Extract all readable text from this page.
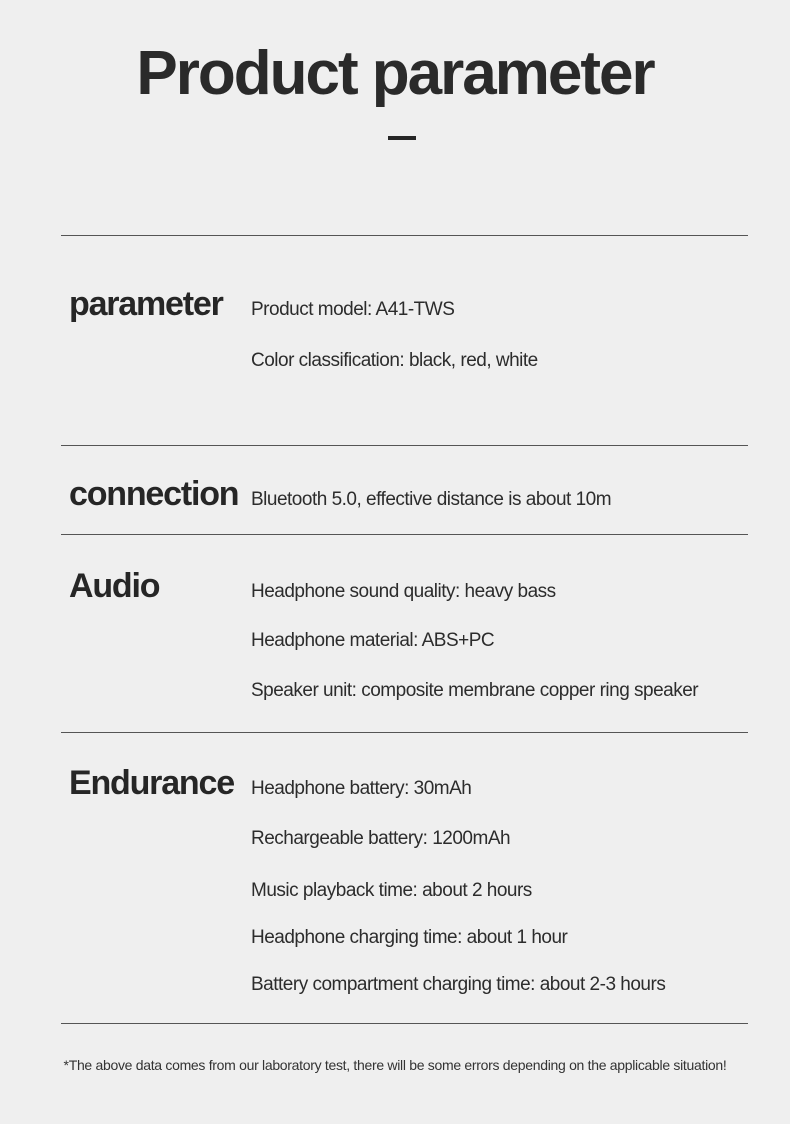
Product parameter
parameter Product model: A41-TWS
Color classification: black, red, white
connection Bluetooth 5.0, effective distance is about 10m
Audio	Headphone sound quality: heavy bass
Headphone material: ABS+PC
Speaker unit: composite membrane copper ring speaker
Endurance Headphone battery: 30mAh
Rechargeable battery: 1200mAh
Music playback time: about 2 hours
Headphone charging time: about 1 hour
Battery compartment charging time: about 2-3 hours
*The above data comes from our laboratory test, there will be some errors depending on the applicable situation!
